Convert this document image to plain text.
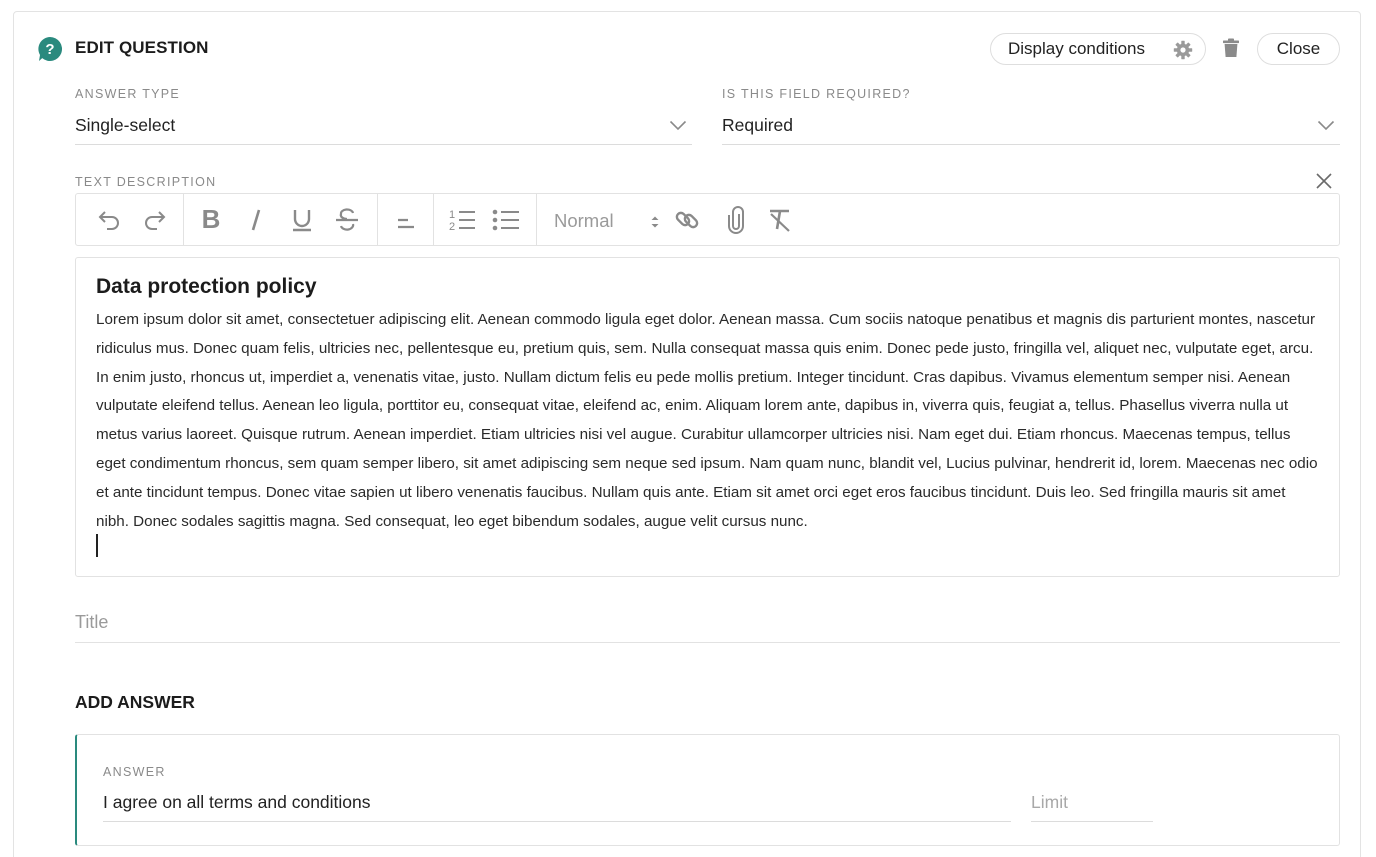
? EDIT QUESTION	Display conditions	Close
ANSWER TYPE
Single-select
IS THIS FIELD REQUIRED?
Required
TEXT DESCRIPTION
B	1
2	Normal
Data protection policy
Lorem ipsum dolor sit amet, consectetuer adipiscing elit. Aenean commodo ligula eget dolor. Aenean massa. Cum sociis natoque penatibus et magnis dis parturient montes, nascetur ridiculus mus. Donec quam felis, ultricies nec, pellentesque eu, pretium quis, sem. Nulla consequat massa quis enim. Donec pede justo, fringilla vel, aliquet nec, vulputate eget, arcu. In enim justo, rhoncus ut, imperdiet a, venenatis vitae, justo. Nullam dictum felis eu pede mollis pretium. Integer tincidunt. Cras dapibus. Vivamus elementum semper nisi. Aenean vulputate eleifend tellus. Aenean leo ligula, porttitor eu, consequat vitae, eleifend ac, enim. Aliquam lorem ante, dapibus in, viverra quis, feugiat a, tellus. Phasellus viverra nulla ut metus varius laoreet. Quisque rutrum. Aenean imperdiet. Etiam ultricies nisi vel augue. Curabitur ullamcorper ultricies nisi. Nam eget dui. Etiam rhoncus. Maecenas tempus, tellus eget condimentum rhoncus, sem quam semper libero, sit amet adipiscing sem neque sed ipsum. Nam quam nunc, blandit vel, Lucius pulvinar, hendrerit id, lorem. Maecenas nec odio et ante tincidunt tempus. Donec vitae sapien ut libero venenatis faucibus. Nullam quis ante. Etiam sit amet orci eget eros faucibus tincidunt. Duis leo. Sed fringilla mauris sit amet nibh. Donec sodales sagittis magna. Sed consequat, leo eget bibendum sodales, augue velit cursus nunc.
Title
ADD ANSWER
ANSWER
I agree on all terms and conditions	Limit
